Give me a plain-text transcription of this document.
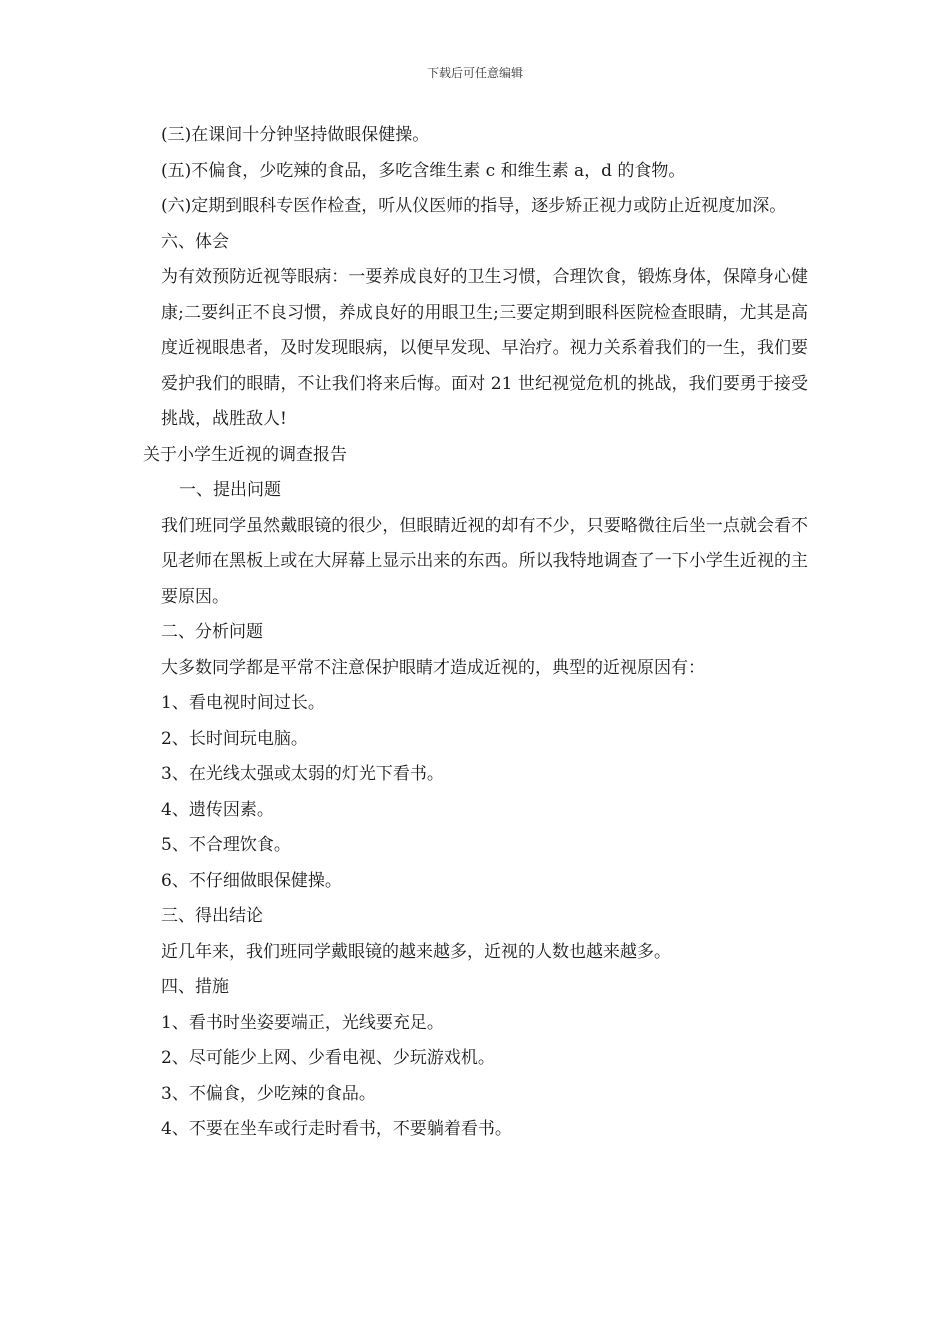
下载后可任意编辑

(三)在课间十分钟坚持做眼保健操。

(五)不偏食，少吃辣的食品，多吃含维生素 c 和维生素 a，d 的食物。

(六)定期到眼科专医作检查，听从仪医师的指导，逐步矫正视力或防止近视度加深。

六、体会

为有效预防近视等眼病：一要养成良好的卫生习惯，合理饮食，锻炼身体，保障身心健康;二要纠正不良习惯，养成良好的用眼卫生;三要定期到眼科医院检查眼睛，尤其是高度近视眼患者，及时发现眼病，以便早发现、早治疗。视力关系着我们的一生，我们要爱护我们的眼睛，不让我们将来后悔。面对 21 世纪视觉危机的挑战，我们要勇于接受挑战，战胜敌人!

关于小学生近视的调查报告

一、提出问题

我们班同学虽然戴眼镜的很少，但眼睛近视的却有不少，只要略微往后坐一点就会看不见老师在黑板上或在大屏幕上显示出来的东西。所以我特地调查了一下小学生近视的主要原因。

二、分析问题

大多数同学都是平常不注意保护眼睛才造成近视的，典型的近视原因有：

1、看电视时间过长。

2、长时间玩电脑。

3、在光线太强或太弱的灯光下看书。

4、遗传因素。

5、不合理饮食。

6、不仔细做眼保健操。

三、得出结论

近几年来，我们班同学戴眼镜的越来越多，近视的人数也越来越多。

四、措施

1、看书时坐姿要端正，光线要充足。

2、尽可能少上网、少看电视、少玩游戏机。

3、不偏食，少吃辣的食品。

4、不要在坐车或行走时看书，不要躺着看书。
